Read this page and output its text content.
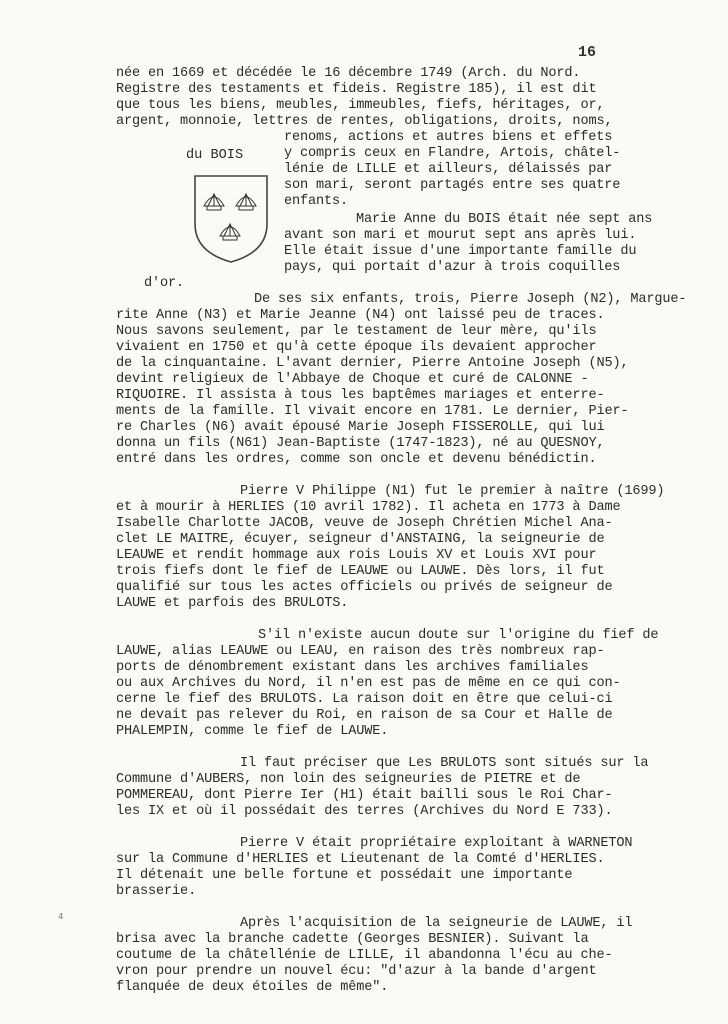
16
du BOIS
née en 1669 et décédée le 16 décembre 1749 (Arch. du Nord.
Registre des testaments et fideis. Registre 185), il est dit
que tous les biens, meubles, immeubles, fiefs, héritages, or,
argent, monnoie, lettres de rentes, obligations, droits, noms,
renoms, actions et autres biens et effets
y compris ceux en Flandre, Artois, châtel-
lénie de LILLE et ailleurs, délaissés par
son mari, seront partagés entre ses quatre
enfants.
Marie Anne du BOIS était née sept ans
avant son mari et mourut sept ans après lui.
Elle était issue d'une importante famille du
pays, qui portait d'azur à trois coquilles
d'or.
De ses six enfants, trois, Pierre Joseph (N2), Margue-
rite Anne (N3) et Marie Jeanne (N4) ont laissé peu de traces.
Nous savons seulement, par le testament de leur mère, qu'ils
vivaient en 1750 et qu'à cette époque ils devaient approcher
de la cinquantaine. L'avant dernier, Pierre Antoine Joseph (N5),
devint religieux de l'Abbaye de Choque et curé de CALONNE -
RIQUOIRE. Il assista à tous les baptêmes mariages et enterre-
ments de la famille. Il vivait encore en 1781. Le dernier, Pier-
re Charles (N6) avait épousé Marie Joseph FISSEROLLE, qui lui
donna un fils (N61) Jean-Baptiste (1747-1823), né au QUESNOY,
entré dans les ordres, comme son oncle et devenu bénédictin.
Pierre V Philippe (N1) fut le premier à naître (1699)
et à mourir à HERLIES (10 avril 1782). Il acheta en 1773 à Dame
Isabelle Charlotte JACOB, veuve de Joseph Chrétien Michel Ana-
clet LE MAITRE, écuyer, seigneur d'ANSTAING, la seigneurie de
LEAUWE et rendit hommage aux rois Louis XV et Louis XVI pour
trois fiefs dont le fief de LEAUWE ou LAUWE. Dès lors, il fut
qualifié sur tous les actes officiels ou privés de seigneur de
LAUWE et parfois des BRULOTS.
S'il n'existe aucun doute sur l'origine du fief de
LAUWE, alias LEAUWE ou LEAU, en raison des très nombreux rap-
ports de dénombrement existant dans les archives familiales
ou aux Archives du Nord, il n'en est pas de même en ce qui con-
cerne le fief des BRULOTS. La raison doit en être que celui-ci
ne devait pas relever du Roi, en raison de sa Cour et Halle de
PHALEMPIN, comme le fief de LAUWE.
Il faut préciser que Les BRULOTS sont situés sur la
Commune d'AUBERS, non loin des seigneuries de PIETRE et de
POMMEREAU, dont Pierre Ier (H1) était bailli sous le Roi Char-
les IX et où il possédait des terres (Archives du Nord E 733).
Pierre V était propriétaire exploitant à WARNETON
sur la Commune d'HERLIES et Lieutenant de la Comté d'HERLIES.
Il détenait une belle fortune et possédait une importante
brasserie.
Après l'acquisition de la seigneurie de LAUWE, il
brisa avec la branche cadette (Georges BESNIER). Suivant la
coutume de la châtellénie de LILLE, il abandonna l'écu au che-
vron pour prendre un nouvel écu: "d'azur à la bande d'argent
flanquée de deux étoiles de même".
4
